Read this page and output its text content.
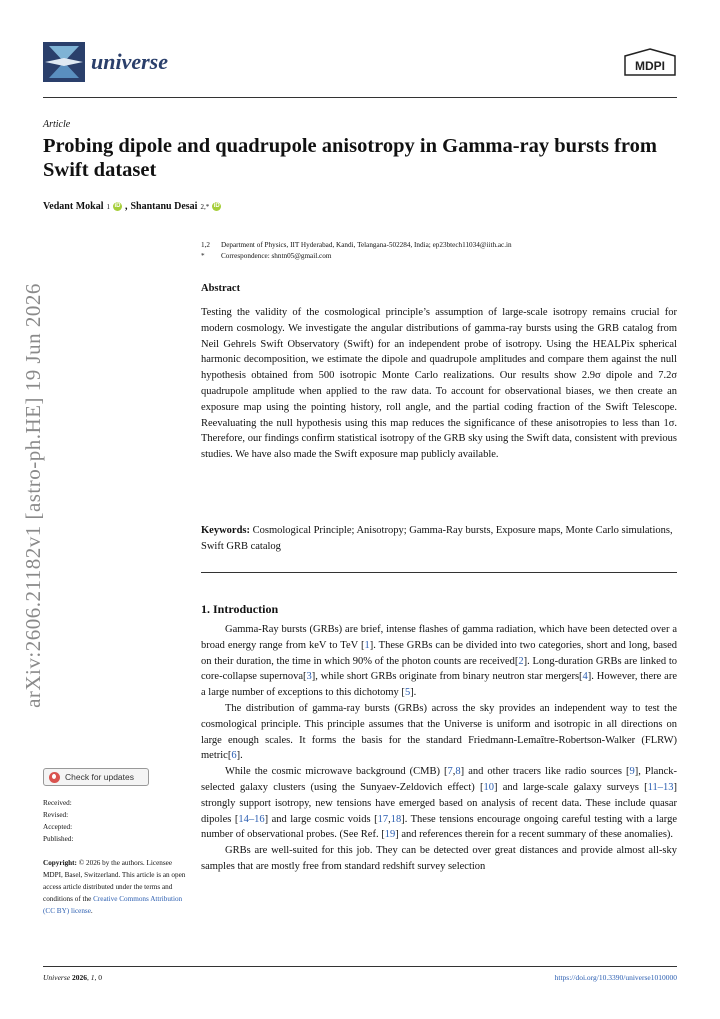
arXiv:2606.21182v1 [astro-ph.HE] 19 Jun 2026
universe	MDPI
Article
Probing dipole and quadrupole anisotropy in Gamma-ray bursts from Swift dataset
Vedant Mokal 1 iD , Shantanu Desai 2,* iD
1,2 Department of Physics, IIT Hyderabad, Kandi, Telangana-502284, India; ep23btech11034@iith.ac.in
* Correspondence: shntn05@gmail.com
Abstract

Testing the validity of the cosmological principle’s assumption of large-scale isotropy remains crucial for modern cosmology. We investigate the angular distributions of gamma-ray bursts using the GRB catalog from Neil Gehrels Swift Observatory (Swift) for an independent probe of isotropy. Using the HEALPix spherical harmonic decomposition, we estimate the dipole and quadrupole amplitudes and compare them against the null hypothesis obtained from 500 isotropic Monte Carlo realizations. Our results show 2.9σ dipole and 7.2σ quadrupole amplitude when applied to the raw data. To account for observational biases, we then create an exposure map using the pointing history, roll angle, and the partial coding fraction of the Swift Telescope. Reevaluating the null hypothesis using this map reduces the significance of these anisotropies to less than 1σ. Therefore, our findings confirm statistical isotropy of the GRB sky using the Swift data, consistent with previous studies. We have also made the Swift exposure map publicly available.

Keywords: Cosmological Principle; Anisotropy; Gamma-Ray bursts, Exposure maps, Monte Carlo simulations, Swift GRB catalog

1. Introduction

Gamma-Ray bursts (GRBs) are brief, intense flashes of gamma radiation, which have been detected over a broad energy range from keV to TeV [1]. These GRBs can be divided into two categories, short and long, based on their duration, the time in which 90% of the photon counts are received[2]. Long-duration GRBs are linked to core-collapse supernova[3], while short GRBs originate from binary neutron star mergers[4]. However, there are a large number of exceptions to this dichotomy [5].

The distribution of gamma-ray bursts (GRBs) across the sky provides an independent way to test the cosmological principle. This principle assumes that the Universe is uniform and isotropic in all directions on large enough scales. It forms the basis for the standard Friedmann-Lemaître-Robertson-Walker (FLRW) metric[6].

While the cosmic microwave background (CMB) [7,8] and other tracers like radio sources [9], Planck-selected galaxy clusters (using the Sunyaev-Zeldovich effect) [10] and large-scale galaxy surveys [11–13] strongly support isotropy, new tensions have emerged based on analysis of recent data. These include quasar dipoles [14–16] and large cosmic voids [17,18]. These tensions encourage ongoing careful testing with a large number of observational probes. (See Ref. [19] and references therein for a recent summary of these anomalies).

GRBs are well-suited for this job. They can be detected over great distances and provide almost all-sky samples that are mostly free from standard redshift survey selection

Check for updates
Received:
Revised:
Accepted:
Published:
Copyright: © 2026 by the authors. Licensee MDPI, Basel, Switzerland. This article is an open access article distributed under the terms and conditions of the Creative Commons Attribution (CC BY) license.
Universe 2026, 1, 0	https://doi.org/10.3390/universe1010000
